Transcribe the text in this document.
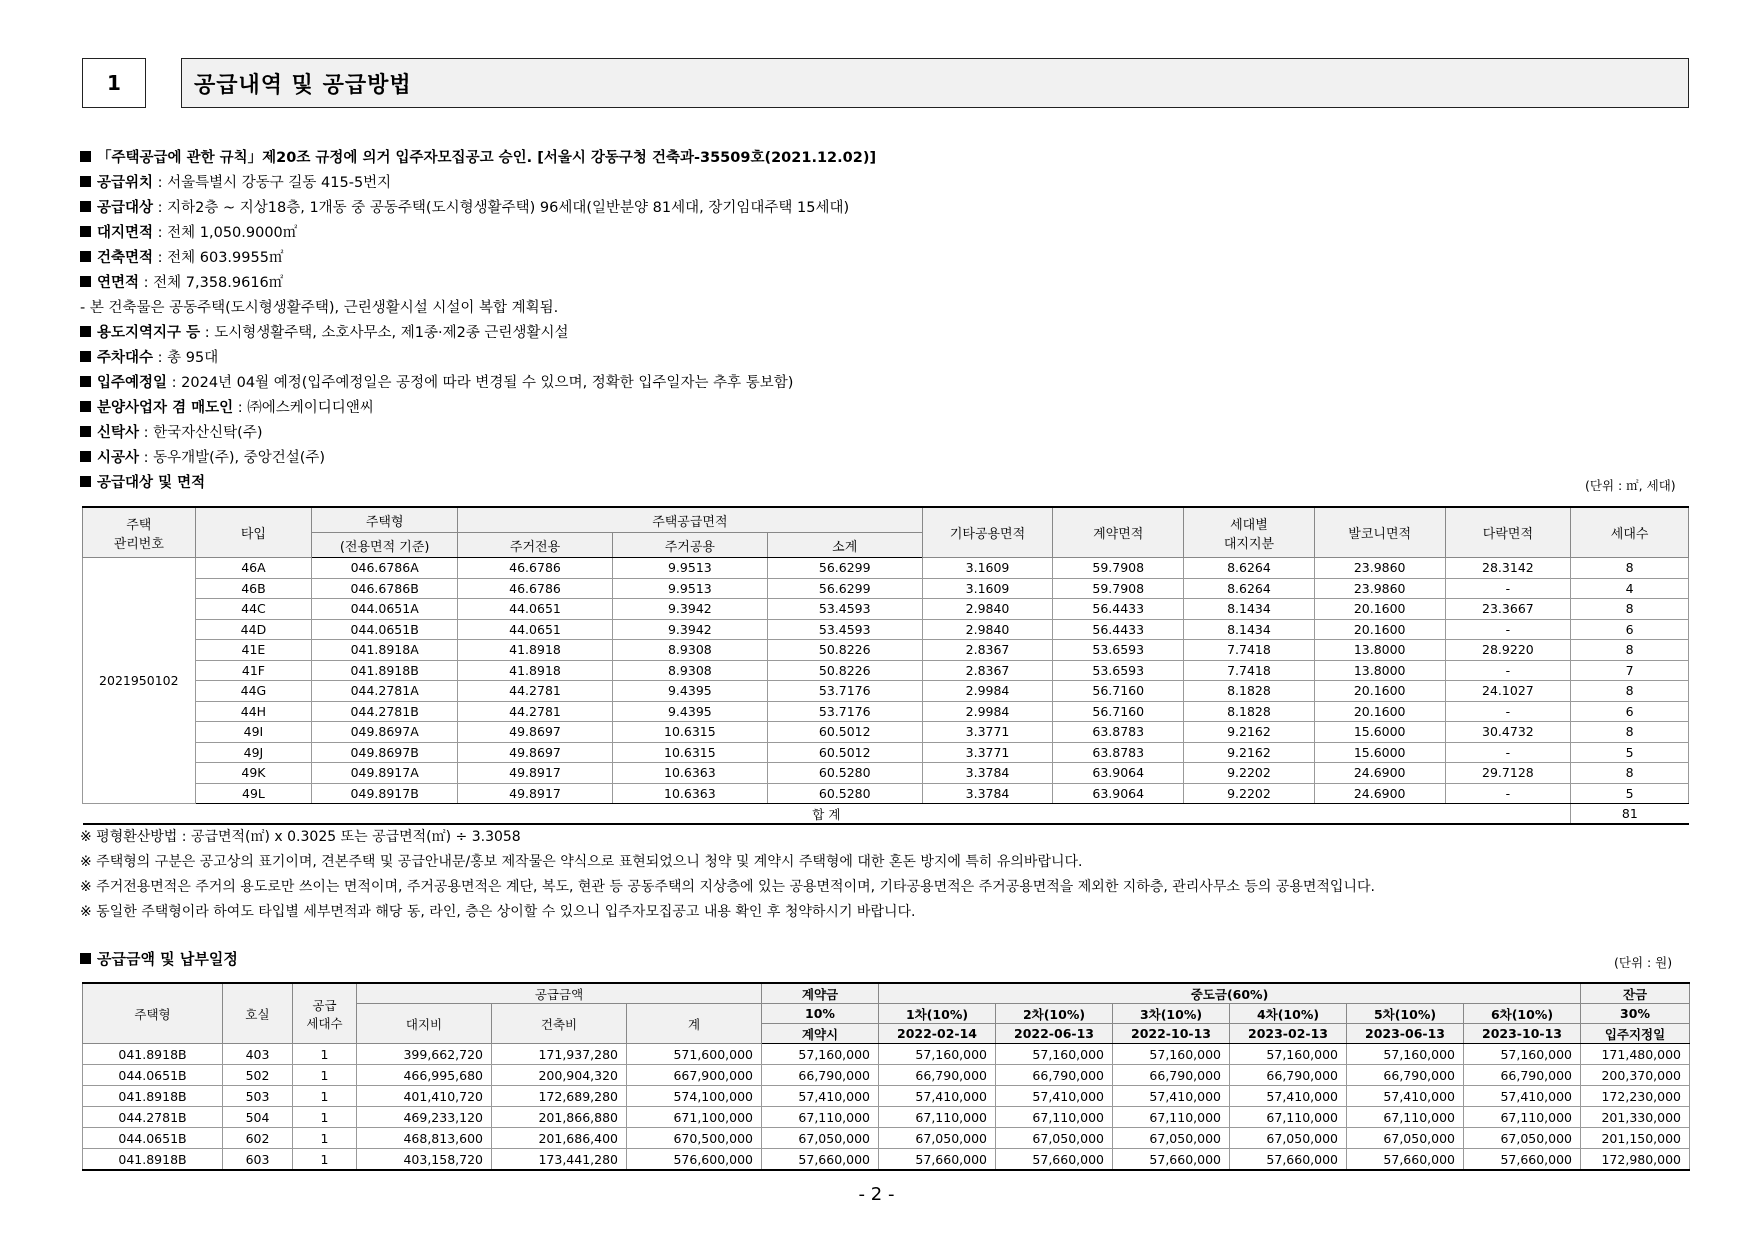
1	공급내역 및 공급방법
「주택공급에 관한 규칙」제20조 규정에 의거 입주자모집공고 승인. [서울시 강동구청 건축과-35509호(2021.12.02)]
공급위치 : 서울특별시 강동구 길동 415-5번지
공급대상 : 지하2층 ~ 지상18층, 1개동 중 공동주택(도시형생활주택) 96세대(일반분양 81세대, 장기임대주택 15세대)
대지면적 : 전체 1,050.9000㎡
건축면적 : 전체 603.9955㎡
연면적 : 전체 7,358.9616㎡
- 본 건축물은 공동주택(도시형생활주택), 근린생활시설 시설이 복합 계획됨.
용도지역지구 등 : 도시형생활주택, 소호사무소, 제1종·제2종 근린생활시설
주차대수 : 총 95대
입주예정일 : 2024년 04월 예정(입주예정일은 공정에 따라 변경될 수 있으며, 정확한 입주일자는 추후 통보함)
분양사업자 겸 매도인 : ㈜에스케이디디앤씨
신탁사 : 한국자산신탁(주)
시공사 : 동우개발(주), 중앙건설(주)
공급대상 및 면적	(단위 : ㎡, 세대)
주택
관리번호	타입	주택형	주택공급면적			기타공용면적	계약면적	세대별
대지지분	발코니면적	다락면적	세대수
		(전용면적 기준)	주거전용	주거공용	소계						
2021950102	46A	046.6786A	46.6786	9.9513	56.6299	3.1609	59.7908	8.6264	23.9860	28.3142	8
	46B	046.6786B	46.6786	9.9513	56.6299	3.1609	59.7908	8.6264	23.9860	-	4
	44C	044.0651A	44.0651	9.3942	53.4593	2.9840	56.4433	8.1434	20.1600	23.3667	8
	44D	044.0651B	44.0651	9.3942	53.4593	2.9840	56.4433	8.1434	20.1600	-	6
	41E	041.8918A	41.8918	8.9308	50.8226	2.8367	53.6593	7.7418	13.8000	28.9220	8
	41F	041.8918B	41.8918	8.9308	50.8226	2.8367	53.6593	7.7418	13.8000	-	7
	44G	044.2781A	44.2781	9.4395	53.7176	2.9984	56.7160	8.1828	20.1600	24.1027	8
	44H	044.2781B	44.2781	9.4395	53.7176	2.9984	56.7160	8.1828	20.1600	-	6
	49I	049.8697A	49.8697	10.6315	60.5012	3.3771	63.8783	9.2162	15.6000	30.4732	8
	49J	049.8697B	49.8697	10.6315	60.5012	3.3771	63.8783	9.2162	15.6000	-	5
	49K	049.8917A	49.8917	10.6363	60.5280	3.3784	63.9064	9.2202	24.6900	29.7128	8
	49L	049.8917B	49.8917	10.6363	60.5280	3.3784	63.9064	9.2202	24.6900	-	5
합 계											81
※ 평형환산방법 : 공급면적(㎡) x 0.3025 또는 공급면적(㎡) ÷ 3.3058
※ 주택형의 구분은 공고상의 표기이며, 견본주택 및 공급안내문/홍보 제작물은 약식으로 표현되었으니 청약 및 계약시 주택형에 대한 혼돈 방지에 특히 유의바랍니다.
※ 주거전용면적은 주거의 용도로만 쓰이는 면적이며, 주거공용면적은 계단, 복도, 현관 등 공동주택의 지상층에 있는 공용면적이며, 기타공용면적은 주거공용면적을 제외한 지하층, 관리사무소 등의 공용면적입니다.
※ 동일한 주택형이라 하여도 타입별 세부면적과 해당 동, 라인, 층은 상이할 수 있으니 입주자모집공고 내용 확인 후 청약하시기 바랍니다.
공급금액 및 납부일정	(단위 : 원)
주택형	호실	공급
세대수	공급금액			계약금	중도금(60%)						잔금
			대지비	건축비	계	10%	1차(10%)	2차(10%)	3차(10%)	4차(10%)	5차(10%)	6차(10%)	30%
						계약시	2022-02-14	2022-06-13	2022-10-13	2023-02-13	2023-06-13	2023-10-13	입주지정일
041.8918B	403	1	399,662,720	171,937,280	571,600,000	57,160,000	57,160,000	57,160,000	57,160,000	57,160,000	57,160,000	57,160,000	171,480,000
044.0651B	502	1	466,995,680	200,904,320	667,900,000	66,790,000	66,790,000	66,790,000	66,790,000	66,790,000	66,790,000	66,790,000	200,370,000
041.8918B	503	1	401,410,720	172,689,280	574,100,000	57,410,000	57,410,000	57,410,000	57,410,000	57,410,000	57,410,000	57,410,000	172,230,000
044.2781B	504	1	469,233,120	201,866,880	671,100,000	67,110,000	67,110,000	67,110,000	67,110,000	67,110,000	67,110,000	67,110,000	201,330,000
044.0651B	602	1	468,813,600	201,686,400	670,500,000	67,050,000	67,050,000	67,050,000	67,050,000	67,050,000	67,050,000	67,050,000	201,150,000
041.8918B	603	1	403,158,720	173,441,280	576,600,000	57,660,000	57,660,000	57,660,000	57,660,000	57,660,000	57,660,000	57,660,000	172,980,000
- 2 -
